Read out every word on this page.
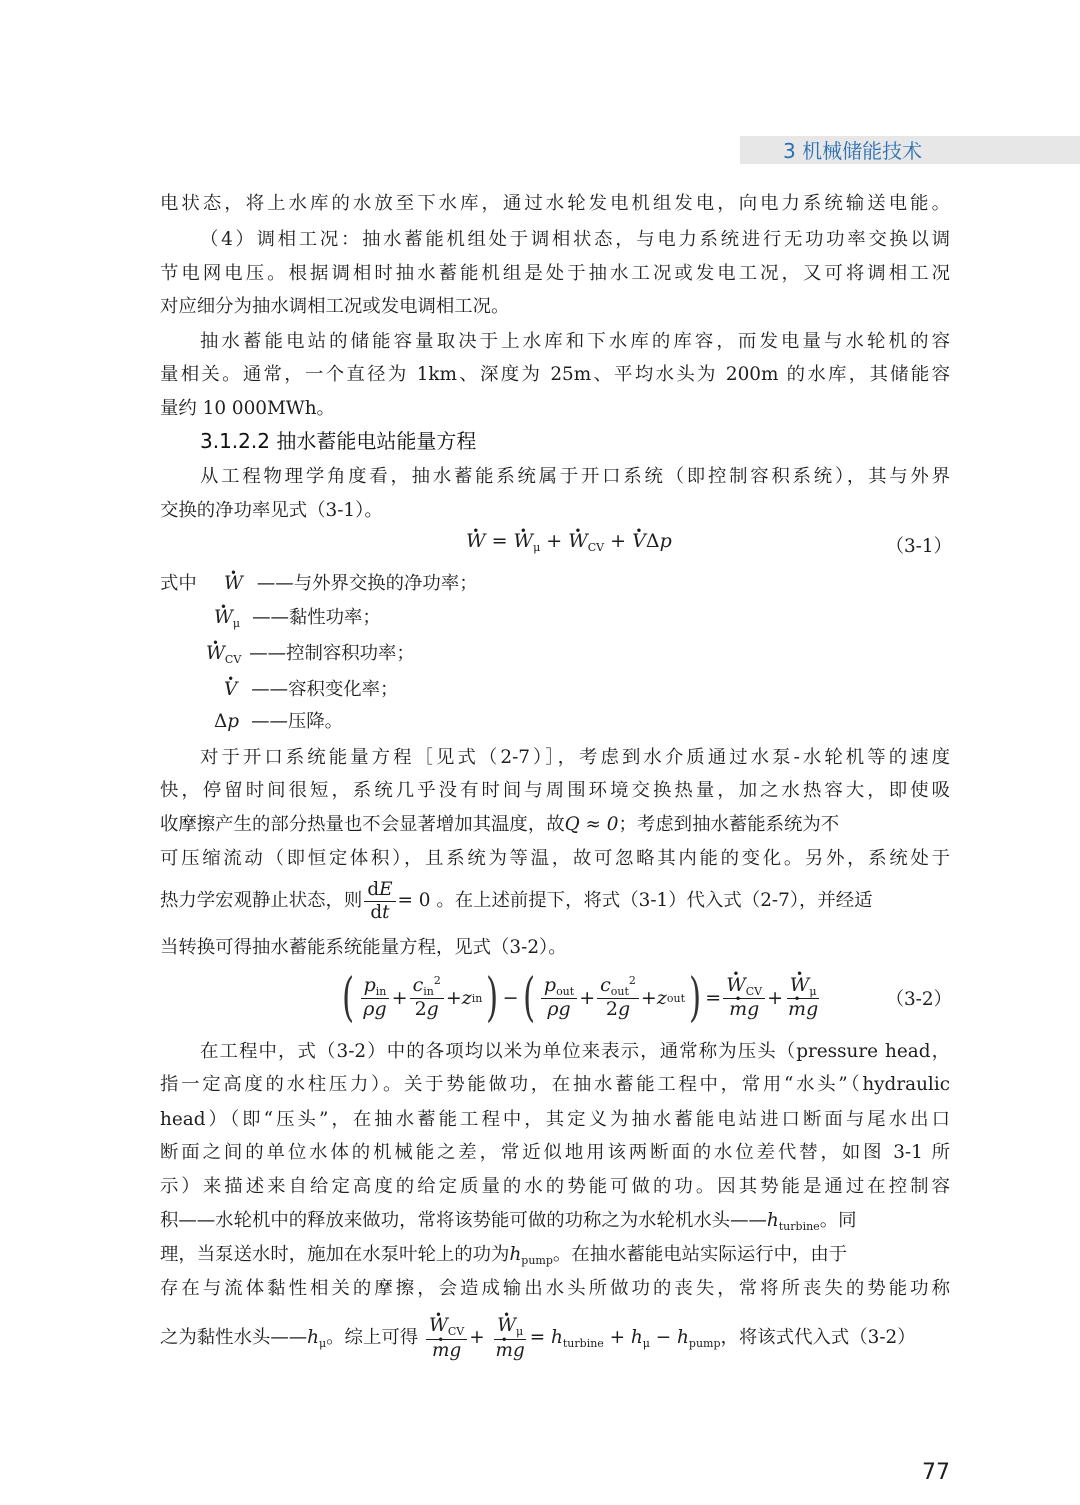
3 机械储能技术
电状态，将上水库的水放至下水库，通过水轮发电机组发电，向电力系统输送电能。
（4）调相工况：抽水蓄能机组处于调相状态，与电力系统进行无功功率交换以调
节电网电压。根据调相时抽水蓄能机组是处于抽水工况或发电工况，又可将调相工况
对应细分为抽水调相工况或发电调相工况。
抽水蓄能电站的储能容量取决于上水库和下水库的库容，而发电量与水轮机的容
量相关。通常，一个直径为 1km、深度为 25m、平均水头为 200m 的水库，其储能容
量约 10 000MWh。
3.1.2.2 抽水蓄能电站能量方程
从工程物理学角度看，抽水蓄能系统属于开口系统（即控制容积系统），其与外界
交换的净功率见式（3-1）。
· W = · $W_\mu$ + · $W_{CV}$ + · VΔp	（3-1）
式中 · W ——与外界交换的净功率；
· $W_\mu$ ——黏性功率；
· $W_{CV}$ ——控制容积功率；
· V ——容积变化率；
Δp ——压降。
对于开口系统能量方程［见式（2-7）］，考虑到水介质通过水泵-水轮机等的速度
快，停留时间很短，系统几乎没有时间与周围环境交换热量，加之水热容大，即使吸
收摩擦产生的部分热量也不会显著增加其温度，故Q ≈ 0；考虑到抽水蓄能系统为不
可压缩流动（即恒定体积），且系统为等温，故可忽略其内能的变化。另外，系统处于
热力学宏观静止状态，则 $\frac{dE}{dt} = 0$ 。在上述前提下，将式（3-1）代入式（2-7），并经适
当转换可得抽水蓄能系统能量方程，见式（3-2）。
( $\frac{p_{in}}{\rho g} + \frac{c_{in}^2}{2g} + z$ in ) − ( $\frac{p_{out}}{\rho g} + \frac{c_{out}^2}{2g} + z$ out ) = · $W_{CV}$
· mg + · $W_\mu$
· mg	（3-2）
在工程中，式（3-2）中的各项均以米为单位来表示，通常称为压头（pressure head，
指一定高度的水柱压力）。关于势能做功，在抽水蓄能工程中，常用“水头”（hydraulic
head）（即“压头”，在抽水蓄能工程中，其定义为抽水蓄能电站进口断面与尾水出口
断面之间的单位水体的机械能之差，常近似地用该两断面的水位差代替，如图 3-1 所
示）来描述来自给定高度的给定质量的水的势能可做的功。因其势能是通过在控制容
积——水轮机中的释放来做功，常将该势能可做的功称之为水轮机水头$——h_{turbine}$。同
理，当泵送水时，施加在水泵叶轮上的功为$h_{pump}$。在抽水蓄能电站实际运行中，由于
存在与流体黏性相关的摩擦，会造成输出水头所做功的丧失，常将所丧失的势能功称
之为黏性水头$——h_\mu$。综上可得 · $W_{CV}$
· mg + · $W_\mu$
· mg = $h_{turbine} + h_\mu - h_{pump}$，将该式代入式（3-2）
77
